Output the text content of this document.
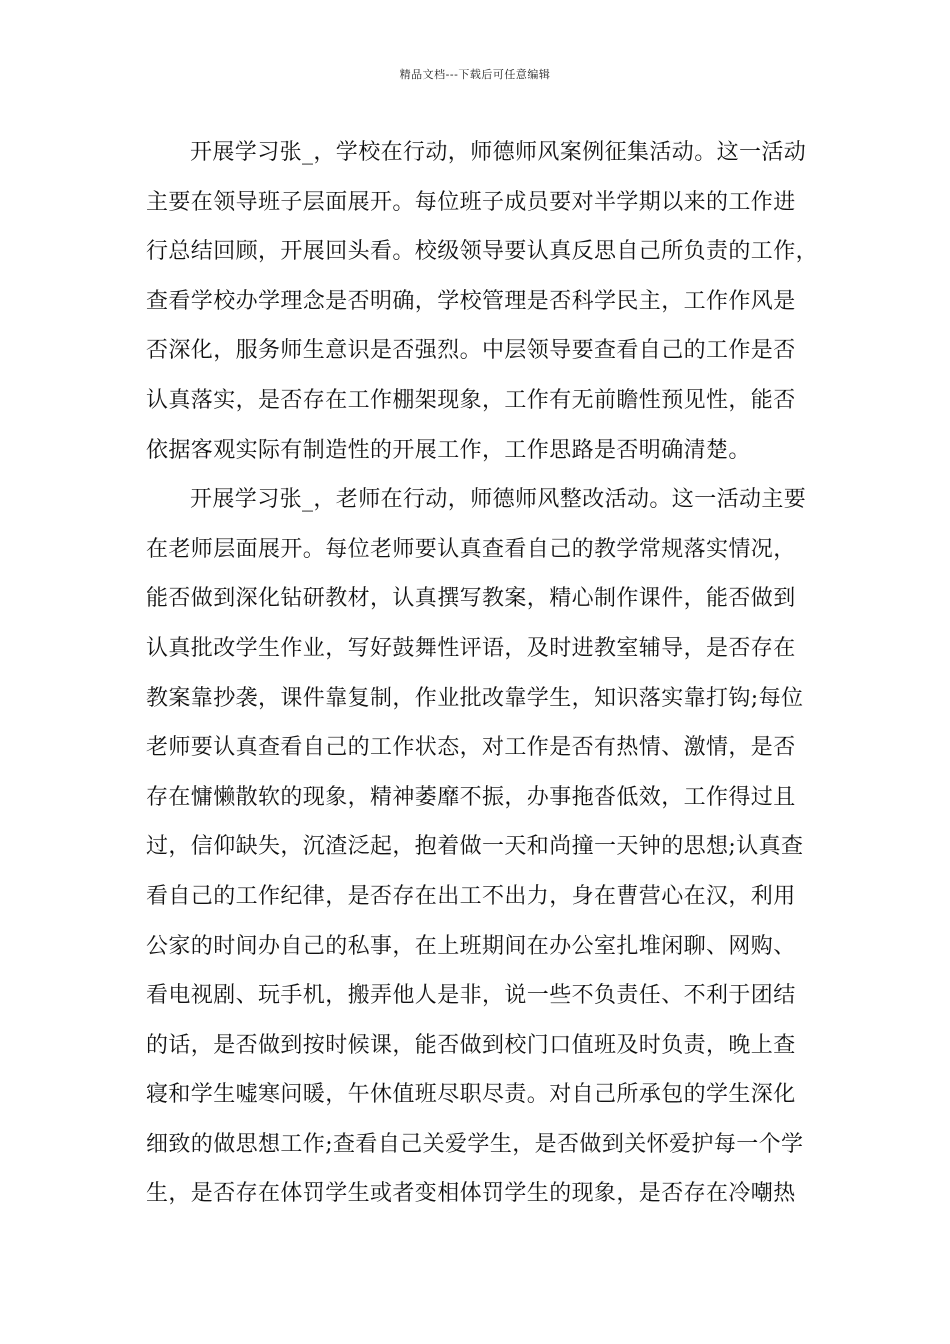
精品文档---下载后可任意编辑
开展学习张_，学校在行动，师德师风案例征集活动。这一活动
主要在领导班子层面展开。每位班子成员要对半学期以来的工作进
行总结回顾，开展回头看。校级领导要认真反思自己所负责的工作，
查看学校办学理念是否明确，学校管理是否科学民主，工作作风是
否深化，服务师生意识是否强烈。中层领导要查看自己的工作是否
认真落实，是否存在工作棚架现象，工作有无前瞻性预见性，能否
依据客观实际有制造性的开展工作，工作思路是否明确清楚。
开展学习张_，老师在行动，师德师风整改活动。这一活动主要
在老师层面展开。每位老师要认真查看自己的教学常规落实情况，
能否做到深化钻研教材，认真撰写教案，精心制作课件，能否做到
认真批改学生作业，写好鼓舞性评语，及时进教室辅导，是否存在
教案靠抄袭，课件靠复制，作业批改靠学生，知识落实靠打钩;每位
老师要认真查看自己的工作状态，对工作是否有热情、激情，是否
存在慵懒散软的现象，精神萎靡不振，办事拖沓低效，工作得过且
过，信仰缺失，沉渣泛起，抱着做一天和尚撞一天钟的思想;认真查
看自己的工作纪律，是否存在出工不出力，身在曹营心在汉，利用
公家的时间办自己的私事，在上班期间在办公室扎堆闲聊、网购、
看电视剧、玩手机，搬弄他人是非，说一些不负责任、不利于团结
的话，是否做到按时候课，能否做到校门口值班及时负责，晚上查
寝和学生嘘寒问暖，午休值班尽职尽责。对自己所承包的学生深化
细致的做思想工作;查看自己关爱学生，是否做到关怀爱护每一个学
生，是否存在体罚学生或者变相体罚学生的现象，是否存在冷嘲热
